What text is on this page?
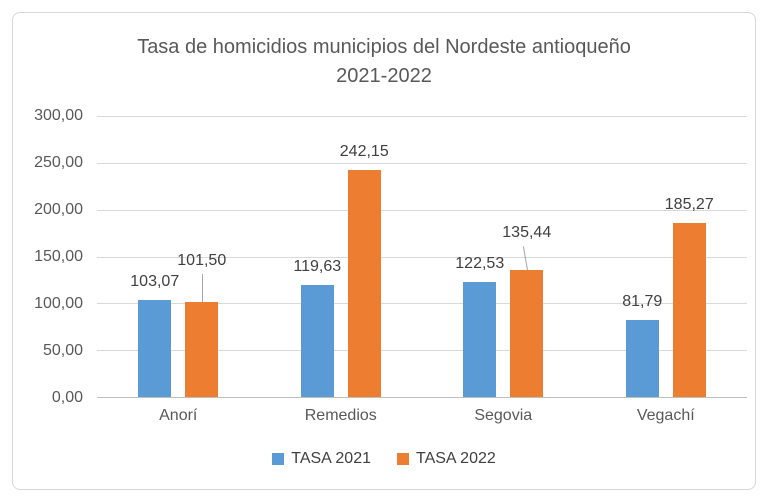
Tasa de homicidios municipios del Nordeste antioqueño
2021-2022
300,00
250,00
200,00
150,00
100,00
50,00
0,00
103,07
101,50	119,63
242,15
122,53
135,44
81,79
185,27
Anorí	Remedios	Segovia	Vegachí
TASA 2021	TASA 2022
